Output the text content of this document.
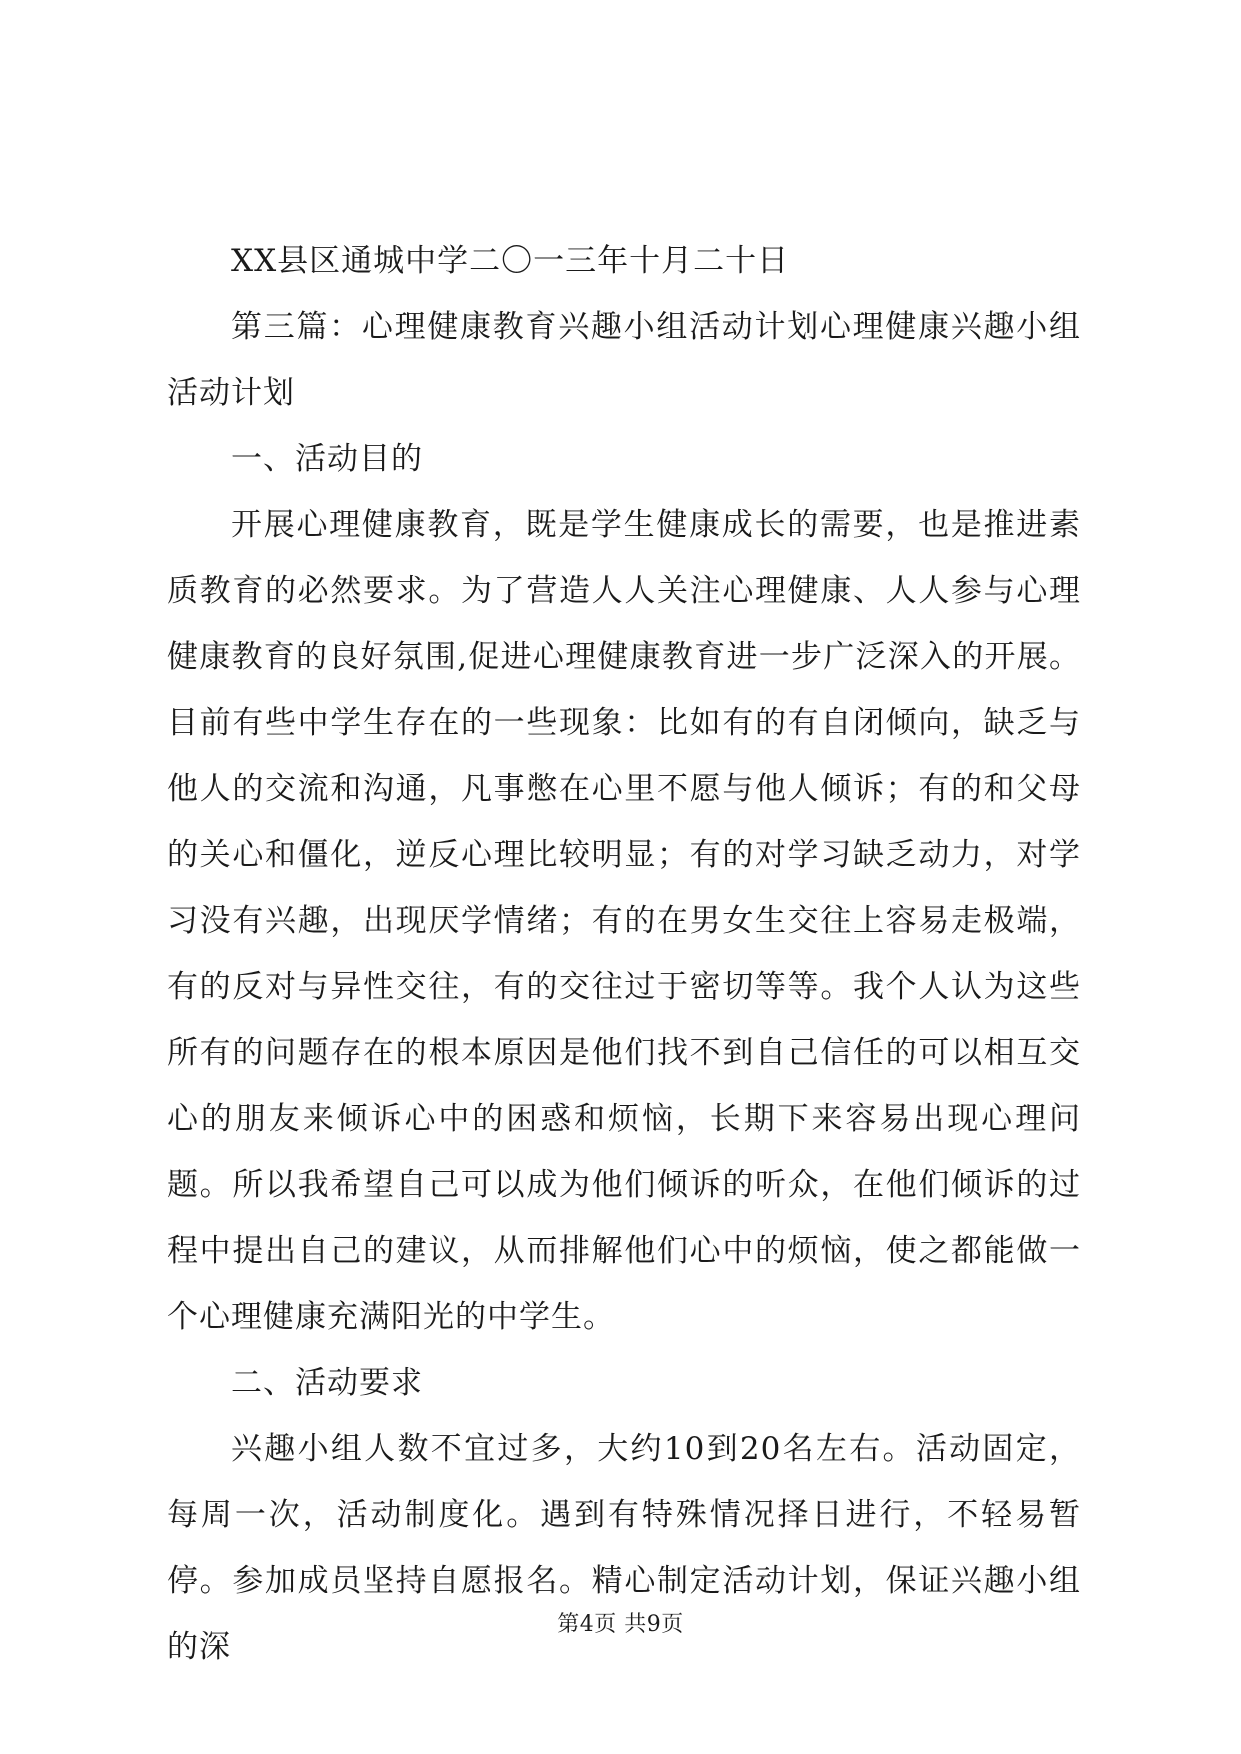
XX县区通城中学二〇一三年十月二十日

第三篇：心理健康教育兴趣小组活动计划心理健康兴趣小组活动计划

一、活动目的

开展心理健康教育，既是学生健康成长的需要，也是推进素质教育的必然要求。为了营造人人关注心理健康、人人参与心理健康教育的良好氛围,促进心理健康教育进一步广泛深入的开展。目前有些中学生存在的一些现象：比如有的有自闭倾向，缺乏与他人的交流和沟通，凡事憋在心里不愿与他人倾诉；有的和父母的关心和僵化，逆反心理比较明显；有的对学习缺乏动力，对学习没有兴趣，出现厌学情绪；有的在男女生交往上容易走极端，有的反对与异性交往，有的交往过于密切等等。我个人认为这些所有的问题存在的根本原因是他们找不到自己信任的可以相互交心的朋友来倾诉心中的困惑和烦恼，长期下来容易出现心理问题。所以我希望自己可以成为他们倾诉的听众，在他们倾诉的过程中提出自己的建议，从而排解他们心中的烦恼，使之都能做一个心理健康充满阳光的中学生。

二、活动要求

兴趣小组人数不宜过多，大约10到20名左右。活动固定，每周一次，活动制度化。遇到有特殊情况择日进行，不轻易暂停。参加成员坚持自愿报名。精心制定活动计划，保证兴趣小组的深

第4页 共9页
